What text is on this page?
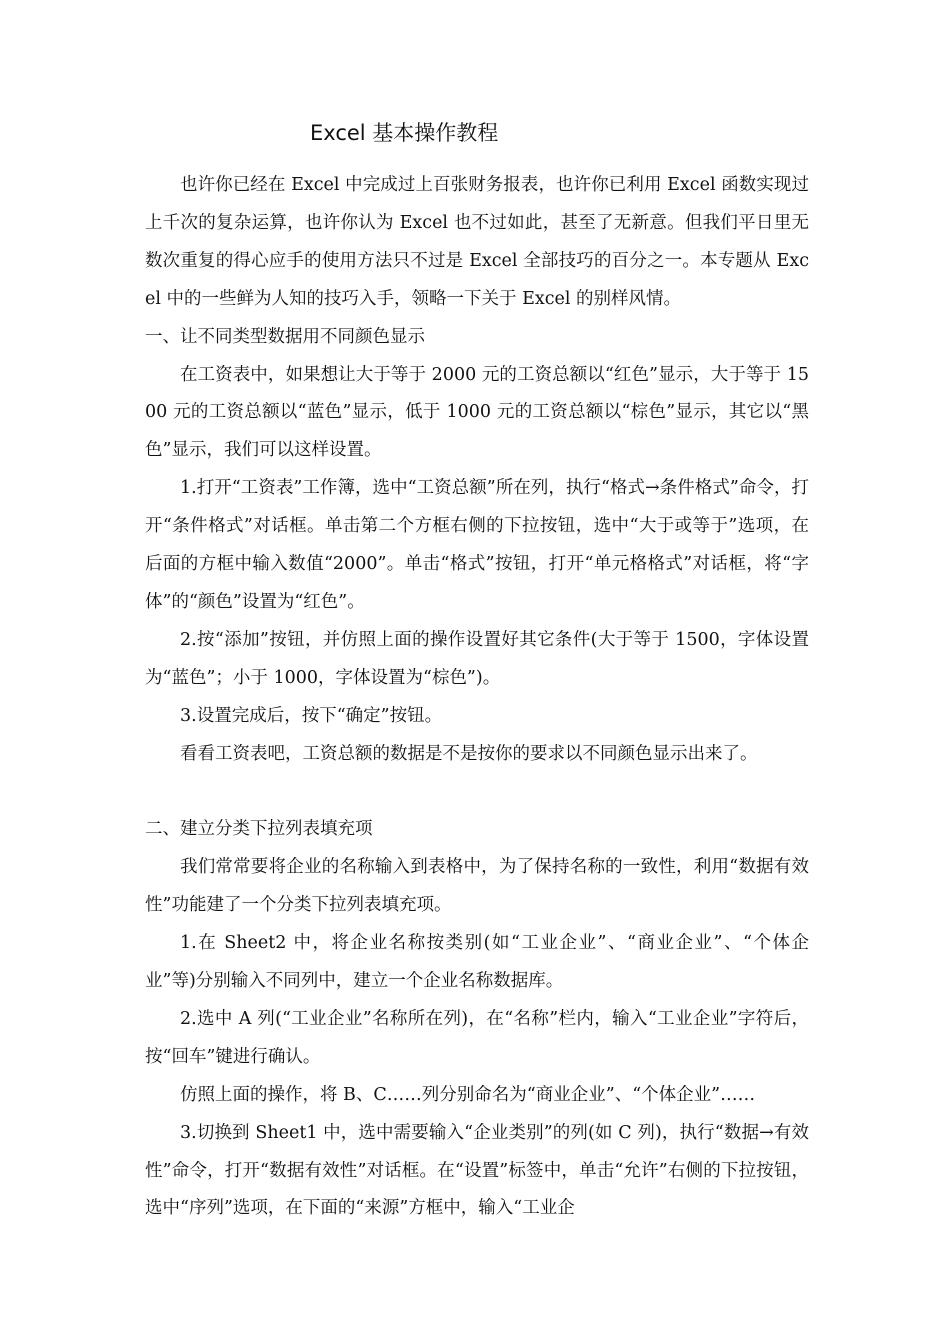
Excel 基本操作教程

也许你已经在 Excel 中完成过上百张财务报表，也许你已利用 Excel 函数实现过上千次的复杂运算，也许你认为 Excel 也不过如此，甚至了无新意。但我们平日里无数次重复的得心应手的使用方法只不过是 Excel 全部技巧的百分之一。本专题从 Excel 中的一些鲜为人知的技巧入手，领略一下关于 Excel 的别样风情。

一、让不同类型数据用不同颜色显示

在工资表中，如果想让大于等于 2000 元的工资总额以“红色”显示，大于等于 1500 元的工资总额以“蓝色”显示，低于 1000 元的工资总额以“棕色”显示，其它以“黑色”显示，我们可以这样设置。

1.打开“工资表”工作簿，选中“工资总额”所在列，执行“格式→条件格式”命令，打开“条件格式”对话框。单击第二个方框右侧的下拉按钮，选中“大于或等于”选项，在后面的方框中输入数值“2000”。单击“格式”按钮，打开“单元格格式”对话框，将“字体”的“颜色”设置为“红色”。

2.按“添加”按钮，并仿照上面的操作设置好其它条件(大于等于 1500，字体设置为“蓝色”；小于 1000，字体设置为“棕色”)。

3.设置完成后，按下“确定”按钮。

看看工资表吧，工资总额的数据是不是按你的要求以不同颜色显示出来了。

二、建立分类下拉列表填充项

我们常常要将企业的名称输入到表格中，为了保持名称的一致性，利用“数据有效性”功能建了一个分类下拉列表填充项。

1.在 Sheet2 中，将企业名称按类别(如“工业企业”、“商业企业”、“个体企业”等)分别输入不同列中，建立一个企业名称数据库。

2.选中 A 列(“工业企业”名称所在列)，在“名称”栏内，输入“工业企业”字符后，按“回车”键进行确认。

仿照上面的操作，将 B、C……列分别命名为“商业企业”、“个体企业”……

3.切换到 Sheet1 中，选中需要输入“企业类别”的列(如 C 列)，执行“数据→有效性”命令，打开“数据有效性”对话框。在“设置”标签中，单击“允许”右侧的下拉按钮，选中“序列”选项，在下面的“来源”方框中，输入“工业企
